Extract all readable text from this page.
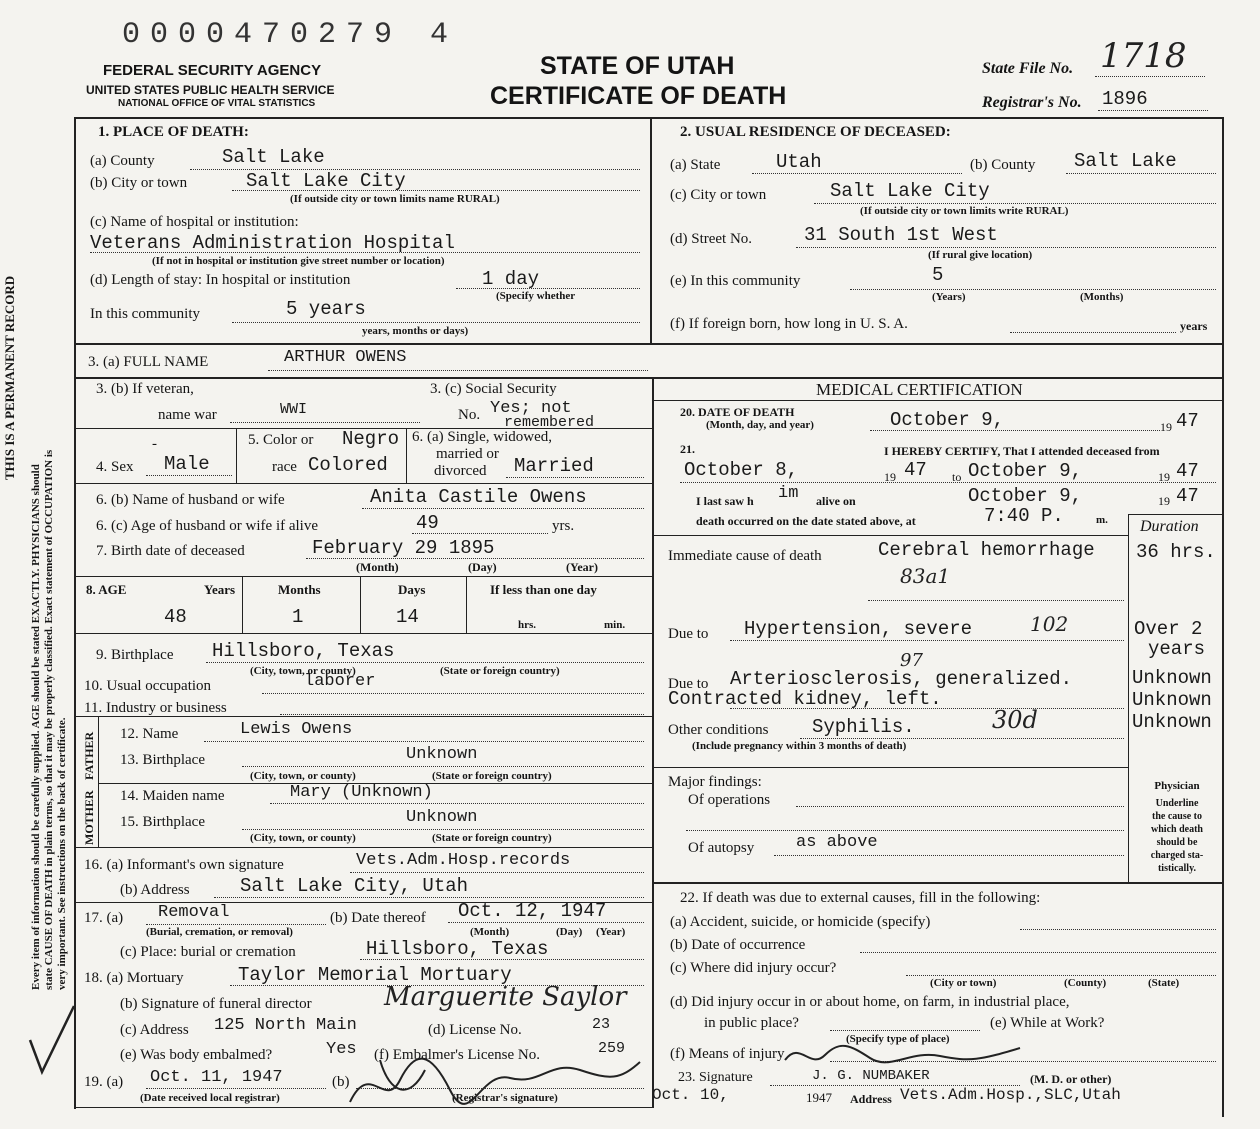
0000470279 4
FEDERAL SECURITY AGENCY
UNITED STATES PUBLIC HEALTH SERVICE
NATIONAL OFFICE OF VITAL STATISTICS
STATE OF UTAH
CERTIFICATE OF DEATH
State File No. 1718
Registrar's No. 1896
Every item of information should be carefully supplied. AGE should be stated EXACTLY. PHYSICIANS should state CAUSE OF DEATH in plain terms, so that it may be properly classified. Exact statement of OCCUPATION is very important. See instructions on the back of certificate.
THIS IS A PERMANENT RECORD
1. PLACE OF DEATH:
(a) County	Salt Lake
(b) City or town	Salt Lake City
(If outside city or town limits name RURAL)
(c) Name of hospital or institution:
Veterans Administration Hospital
(If not in hospital or institution give street number or location)
(d) Length of stay: In hospital or institution	1 day
(Specify whether
In this community	5 years
years, months or days)
2. USUAL RESIDENCE OF DECEASED:
(a) State	Utah	(b) County Salt Lake
(c) City or town	Salt Lake City
(If outside city or town limits write RURAL)
(d) Street No.	31 South 1st West
(If rural give location)
(e) In this community	5
(Years)	(Months)
(f) If foreign born, how long in U. S. A.	years
3. (a) FULL NAME	ARTHUR OWENS
3. (b) If veteran,
name war	WWI
3. (c) Social Security
No. Yes; not
remembered
-
4. Sex Male
5. Color or Negro
race Colored
6. (a) Single, widowed,
married or
divorced Married
6. (b) Name of husband or wife	Anita Castile Owens
6. (c) Age of husband or wife if alive	49	yrs.
7. Birth date of deceased	February 29 1895
(Month)	(Day)	(Year)
8. AGE	Years	Months	Days	If less than one day
48	1	14	hrs.	min.
9. Birthplace Hillsboro, Texas
(City, town, or county)	(State or foreign country)
10. Usual occupation	laborer
11. Industry or business
FATHER
MOTHER
12. Name	Lewis Owens
13. Birthplace	Unknown
(City, town, or county)	(State or foreign country)
14. Maiden name	Mary (Unknown)
15. Birthplace	Unknown
(City, town, or county)	(State or foreign country)
16. (a) Informant's own signature	Vets.Adm.Hosp.records
(b) Address	Salt Lake City, Utah
17. (a) Removal
(Burial, cremation, or removal)
(b) Date thereof Oct. 12, 1947
(Month)	(Day) (Year)
(c) Place: burial or cremation	Hillsboro, Texas
18. (a) Mortuary	Taylor Memorial Mortuary
(b) Signature of funeral director	Marguerite Saylor
(c) Address 125 North Main	(d) License No.	23
(e) Was body embalmed?	Yes (f) Embalmer's License No.	259
19. (a) Oct. 11, 1947
(Date received local registrar)
(b)
(Registrar's signature)
MEDICAL CERTIFICATION
20. DATE OF DEATH
(Month, day, and year)	October 9,	19 47
21.	I HEREBY CERTIFY, That I attended deceased from
October 8,	19 47 to October 9,	19 47
I last saw h im alive on	October 9,	19 47
death occurred on the date stated above, at	7:40 P.	m. Duration
Immediate cause of death	Cerebral hemorrhage 36 hrs.
83a1
Due to Hypertension, severe	102	Over 2
years
97
Due to Arteriosclerosis, generalized.	Unknown
Contracted kidney, left.	Unknown
Other conditions Syphilis.	30d	Unknown
(Include pregnancy within 3 months of death)
Major findings:
Of operations
Of autopsy as above
Physician
Underline
the cause to
which death
should be
charged sta-
tistically.
22. If death was due to external causes, fill in the following:
(a) Accident, suicide, or homicide (specify)
(b) Date of occurrence
(c) Where did injury occur?
(City or town)	(County)	(State)
(d) Did injury occur in or about home, on farm, in industrial place,
in public place?
(Specify type of place)
(e) While at Work?
(f) Means of injury
23. Signature	J. G. NUMBAKER	(M. D. or other)
Oct. 10,	1947 Address Vets.Adm.Hosp.,SLC,Utah
